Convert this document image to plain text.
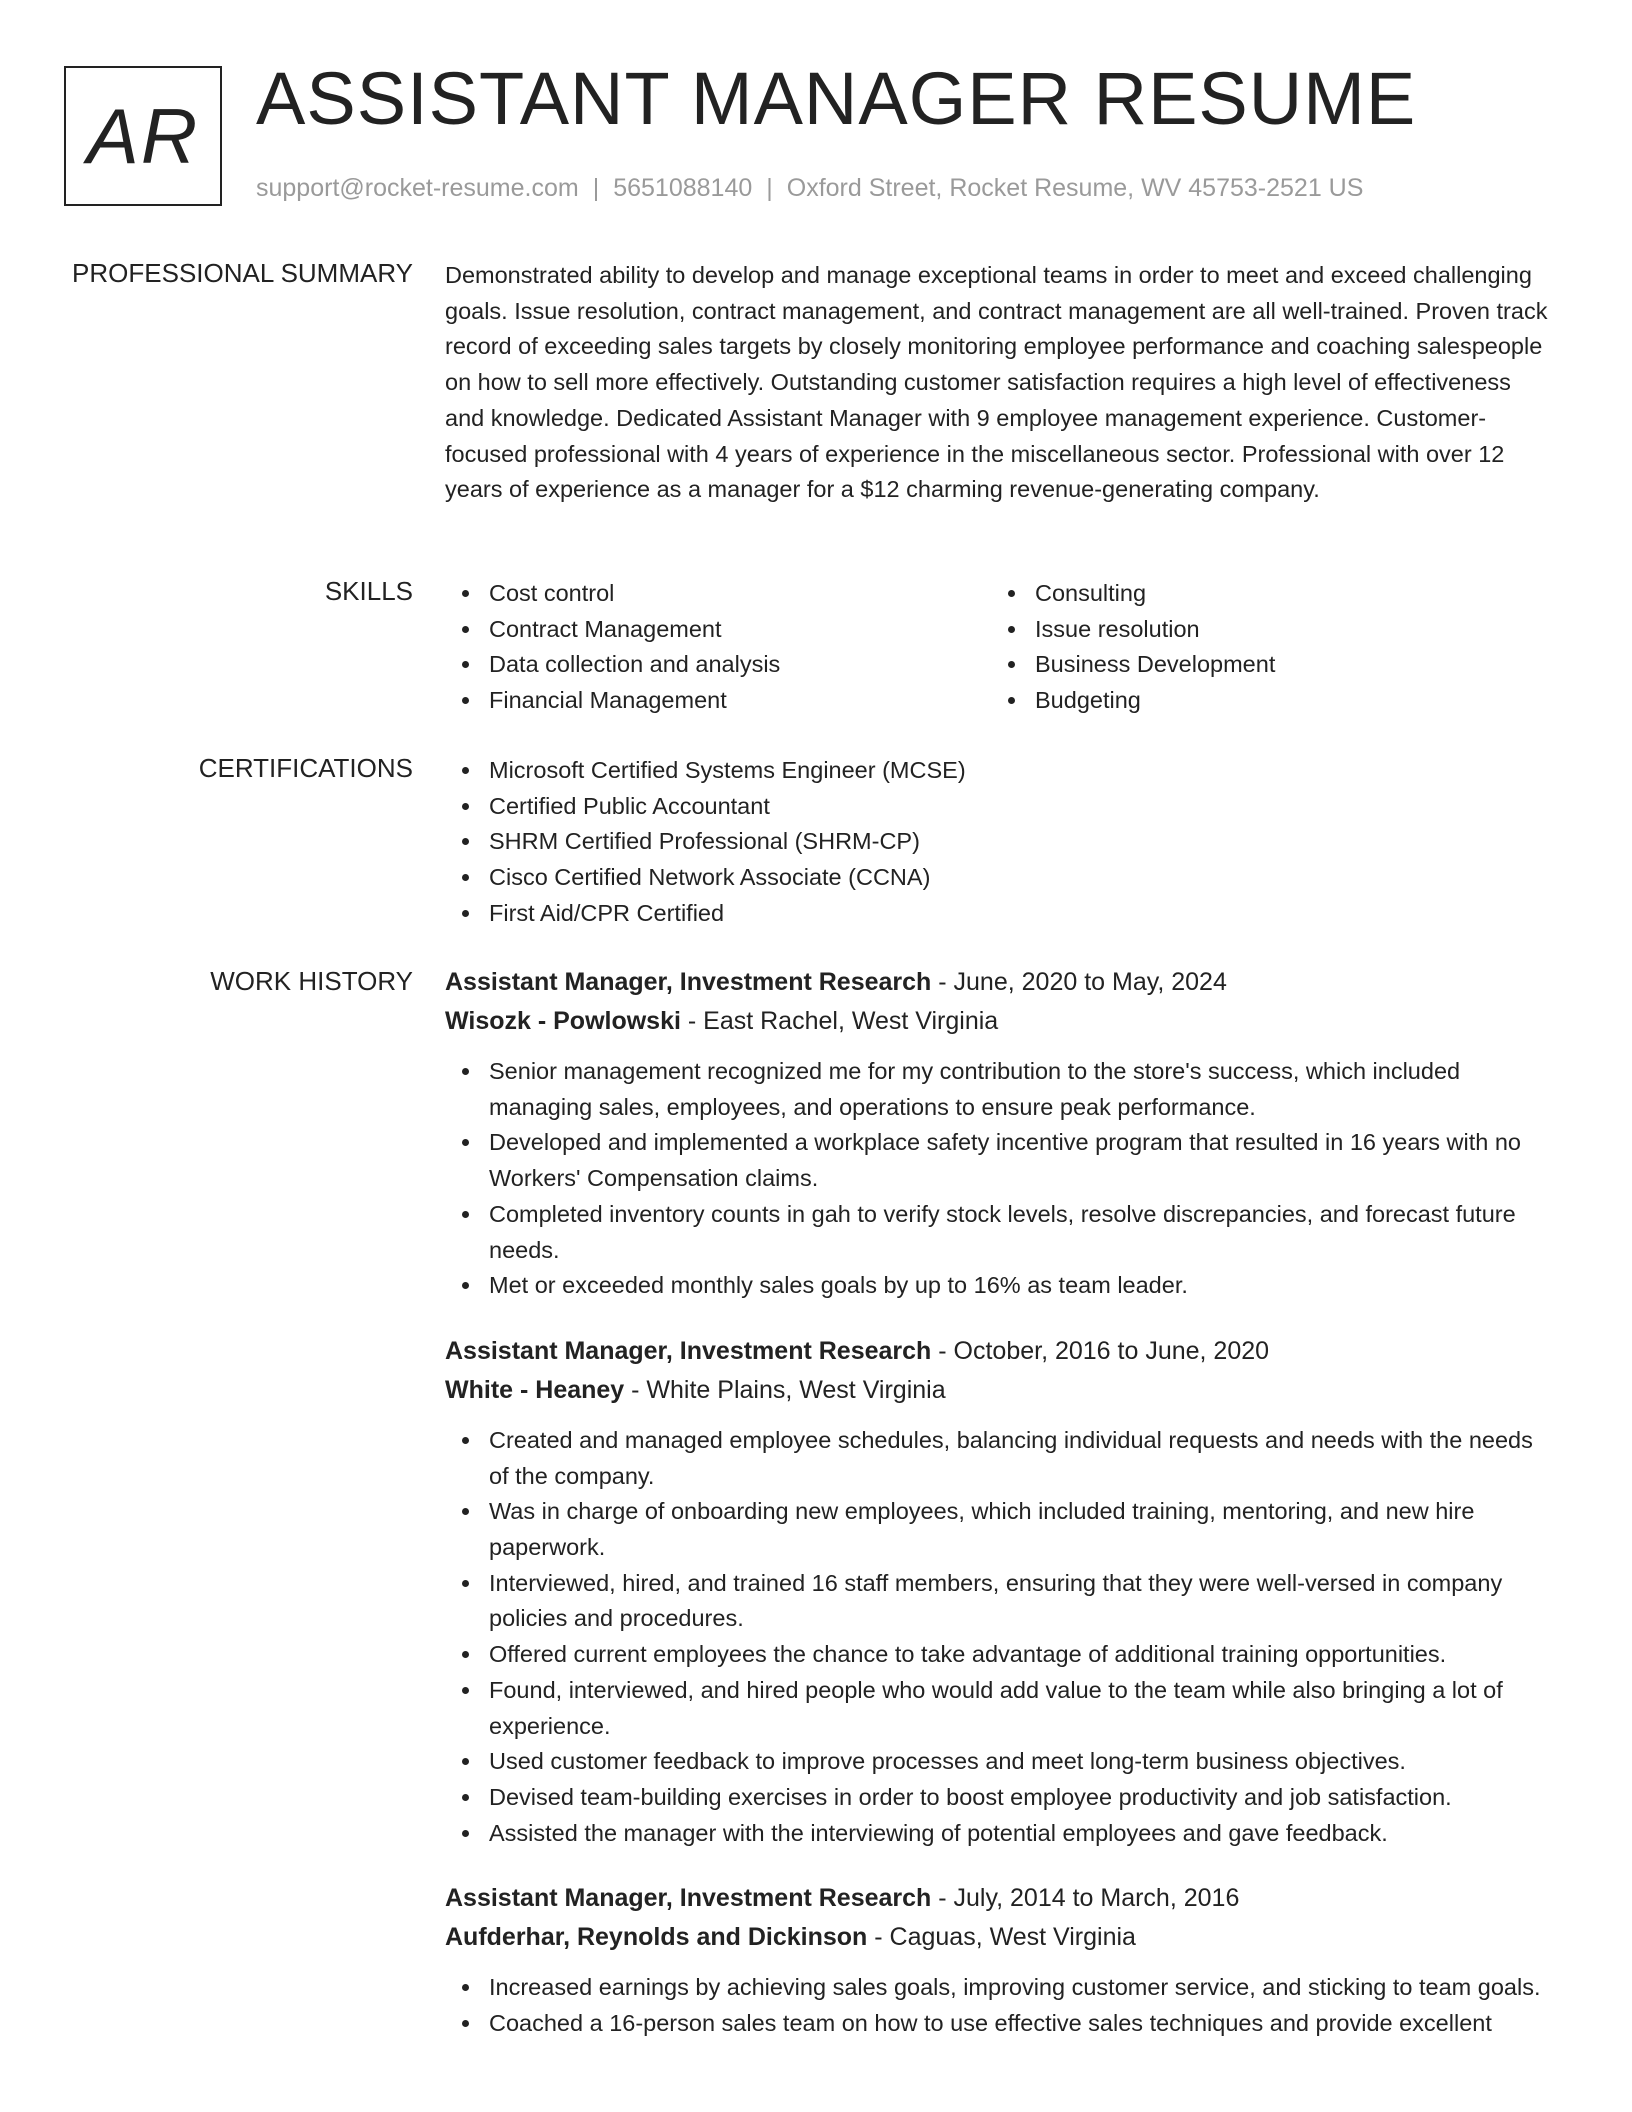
AR ASSISTANT MANAGER RESUME
support@rocket-resume.com | 5651088140 | Oxford Street, Rocket Resume, WV 45753-2521 US
PROFESSIONAL SUMMARY Demonstrated ability to develop and manage exceptional teams in order to meet and exceed challenging goals. Issue resolution, contract management, and contract management are all well-trained. Proven track record of exceeding sales targets by closely monitoring employee performance and coaching salespeople on how to sell more effectively. Outstanding customer satisfaction requires a high level of effectiveness and knowledge. Dedicated Assistant Manager with 9 employee management experience. Customer-focused professional with 4 years of experience in the miscellaneous sector. Professional with over 12 years of experience as a manager for a $12 charming revenue-generating company.

SKILLS	Cost control
Contract Management
Data collection and analysis
Financial Management
Consulting
Issue resolution
Business Development
Budgeting
CERTIFICATIONS	Microsoft Certified Systems Engineer (MCSE)
Certified Public Accountant
SHRM Certified Professional (SHRM-CP)
Cisco Certified Network Associate (CCNA)
First Aid/CPR Certified
WORK HISTORY Assistant Manager, Investment Research - June, 2020 to May, 2024
Wisozk - Powlowski - East Rachel, West Virginia
Senior management recognized me for my contribution to the store's success, which included managing sales, employees, and operations to ensure peak performance.
Developed and implemented a workplace safety incentive program that resulted in 16 years with no Workers' Compensation claims.
Completed inventory counts in gah to verify stock levels, resolve discrepancies, and forecast future needs.
Met or exceeded monthly sales goals by up to 16% as team leader.
Assistant Manager, Investment Research - October, 2016 to June, 2020
White - Heaney - White Plains, West Virginia
Created and managed employee schedules, balancing individual requests and needs with the needs of the company.
Was in charge of onboarding new employees, which included training, mentoring, and new hire paperwork.
Interviewed, hired, and trained 16 staff members, ensuring that they were well-versed in company policies and procedures.
Offered current employees the chance to take advantage of additional training opportunities.
Found, interviewed, and hired people who would add value to the team while also bringing a lot of experience.
Used customer feedback to improve processes and meet long-term business objectives.
Devised team-building exercises in order to boost employee productivity and job satisfaction.
Assisted the manager with the interviewing of potential employees and gave feedback.
Assistant Manager, Investment Research - July, 2014 to March, 2016
Aufderhar, Reynolds and Dickinson - Caguas, West Virginia
Increased earnings by achieving sales goals, improving customer service, and sticking to team goals.
Coached a 16-person sales team on how to use effective sales techniques and provide excellent
